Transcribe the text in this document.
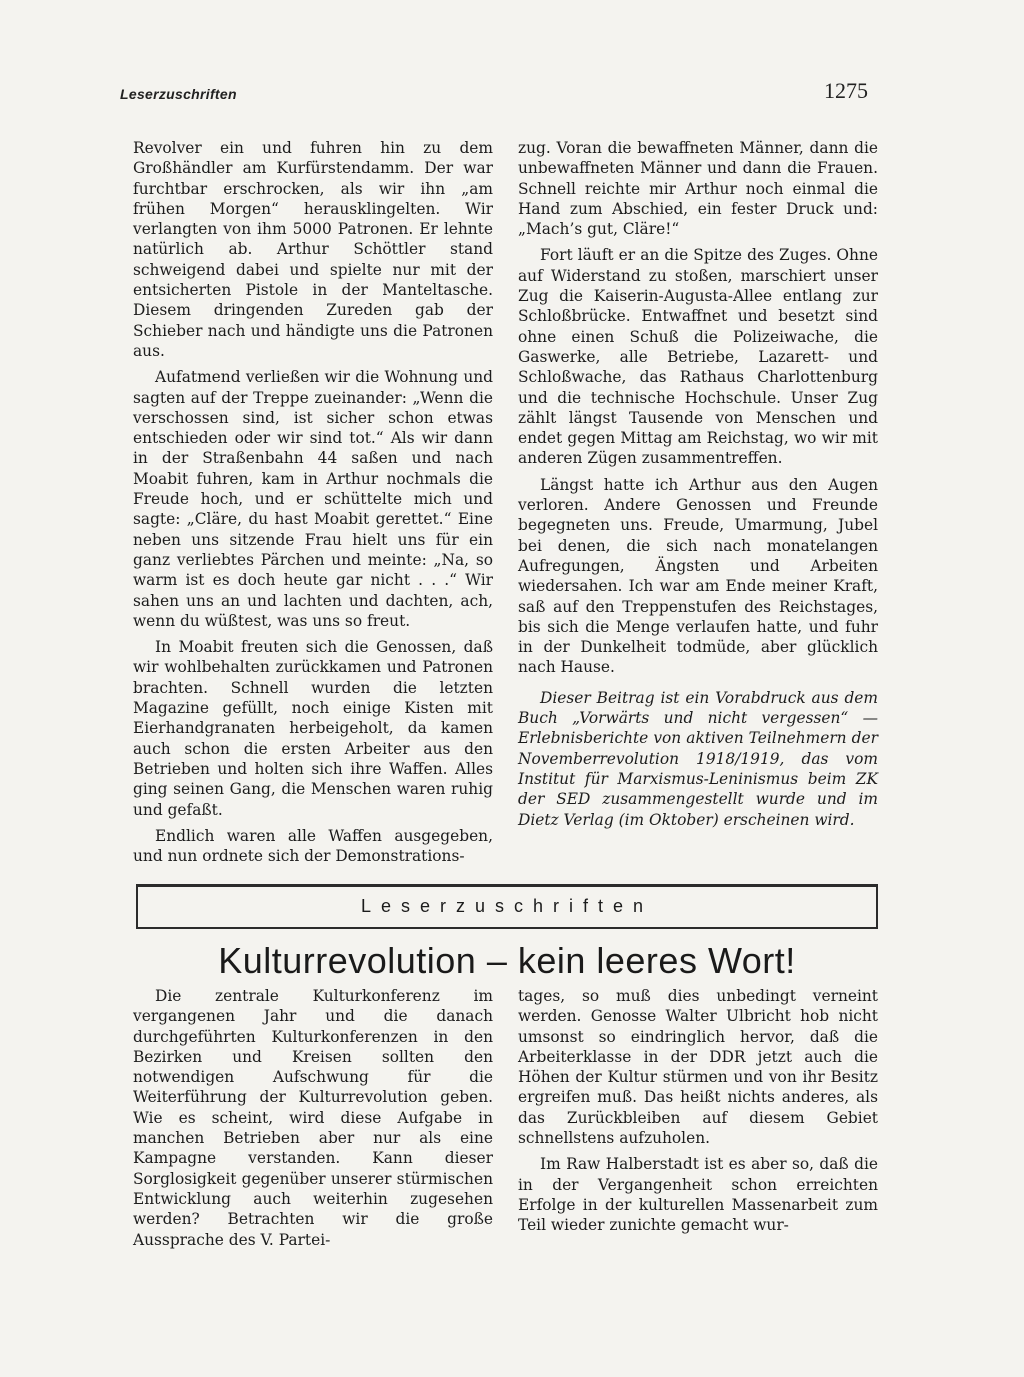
Leserzuschriften	1275

Revolver ein und fuhren hin zu dem Großhändler am Kurfürstendamm. Der war furchtbar erschrocken, als wir ihn „am frühen Morgen“ herausklingelten. Wir verlangten von ihm 5000 Patronen. Er lehnte natürlich ab. Arthur Schöttler stand schweigend dabei und spielte nur mit der entsicherten Pistole in der Manteltasche. Diesem dringenden Zureden gab der Schieber nach und händigte uns die Patronen aus.

Aufatmend verließen wir die Wohnung und sagten auf der Treppe zueinander: „Wenn die verschossen sind, ist sicher schon etwas entschieden oder wir sind tot.“ Als wir dann in der Straßenbahn 44 saßen und nach Moabit fuhren, kam in Arthur nochmals die Freude hoch, und er schüttelte mich und sagte: „Cläre, du hast Moabit gerettet.“ Eine neben uns sitzende Frau hielt uns für ein ganz verliebtes Pärchen und meinte: „Na, so warm ist es doch heute gar nicht . . .“ Wir sahen uns an und lachten und dachten, ach, wenn du wüßtest, was uns so freut.

In Moabit freuten sich die Genossen, daß wir wohlbehalten zurückkamen und Patronen brachten. Schnell wurden die letzten Magazine gefüllt, noch einige Kisten mit Eierhandgranaten herbeigeholt, da kamen auch schon die ersten Arbeiter aus den Betrieben und holten sich ihre Waffen. Alles ging seinen Gang, die Menschen waren ruhig und gefaßt.

Endlich waren alle Waffen ausgegeben, und nun ordnete sich der Demonstrations-

zug. Voran die bewaffneten Männer, dann die unbewaffneten Männer und dann die Frauen. Schnell reichte mir Arthur noch einmal die Hand zum Abschied, ein fester Druck und: „Mach’s gut, Cläre!“

Fort läuft er an die Spitze des Zuges. Ohne auf Widerstand zu stoßen, marschiert unser Zug die Kaiserin-Augusta-Allee entlang zur Schloßbrücke. Entwaffnet und besetzt sind ohne einen Schuß die Polizeiwache, die Gaswerke, alle Betriebe, Lazarett- und Schloßwache, das Rathaus Charlottenburg und die technische Hochschule. Unser Zug zählt längst Tausende von Menschen und endet gegen Mittag am Reichstag, wo wir mit anderen Zügen zusammentreffen.

Längst hatte ich Arthur aus den Augen verloren. Andere Genossen und Freunde begegneten uns. Freude, Umarmung, Jubel bei denen, die sich nach monatelangen Aufregungen, Ängsten und Arbeiten wiedersahen. Ich war am Ende meiner Kraft, saß auf den Treppenstufen des Reichstages, bis sich die Menge verlaufen hatte, und fuhr in der Dunkelheit todmüde, aber glücklich nach Hause.

Dieser Beitrag ist ein Vorabdruck aus dem Buch „Vorwärts und nicht vergessen“ — Erlebnisberichte von aktiven Teilnehmern der Novemberrevolution 1918/1919, das vom Institut für Marxismus-Leninismus beim ZK der SED zusammengestellt wurde und im Dietz Verlag (im Oktober) erscheinen wird.

Leserzuschriften
Kulturrevolution – kein leeres Wort!

Die zentrale Kulturkonferenz im vergangenen Jahr und die danach durchgeführten Kulturkonferenzen in den Bezirken und Kreisen sollten den notwendigen Aufschwung für die Weiterführung der Kulturrevolution geben. Wie es scheint, wird diese Aufgabe in manchen Betrieben aber nur als eine Kampagne verstanden. Kann dieser Sorglosigkeit gegenüber unserer stürmischen Entwicklung auch weiterhin zugesehen werden? Betrachten wir die große Aussprache des V. Partei-

tages, so muß dies unbedingt verneint werden. Genosse Walter Ulbricht hob nicht umsonst so eindringlich hervor, daß die Arbeiterklasse in der DDR jetzt auch die Höhen der Kultur stürmen und von ihr Besitz ergreifen muß. Das heißt nichts anderes, als das Zurückbleiben auf diesem Gebiet schnellstens aufzuholen.

Im Raw Halberstadt ist es aber so, daß die in der Vergangenheit schon erreichten Erfolge in der kulturellen Massenarbeit zum Teil wieder zunichte gemacht wur-
